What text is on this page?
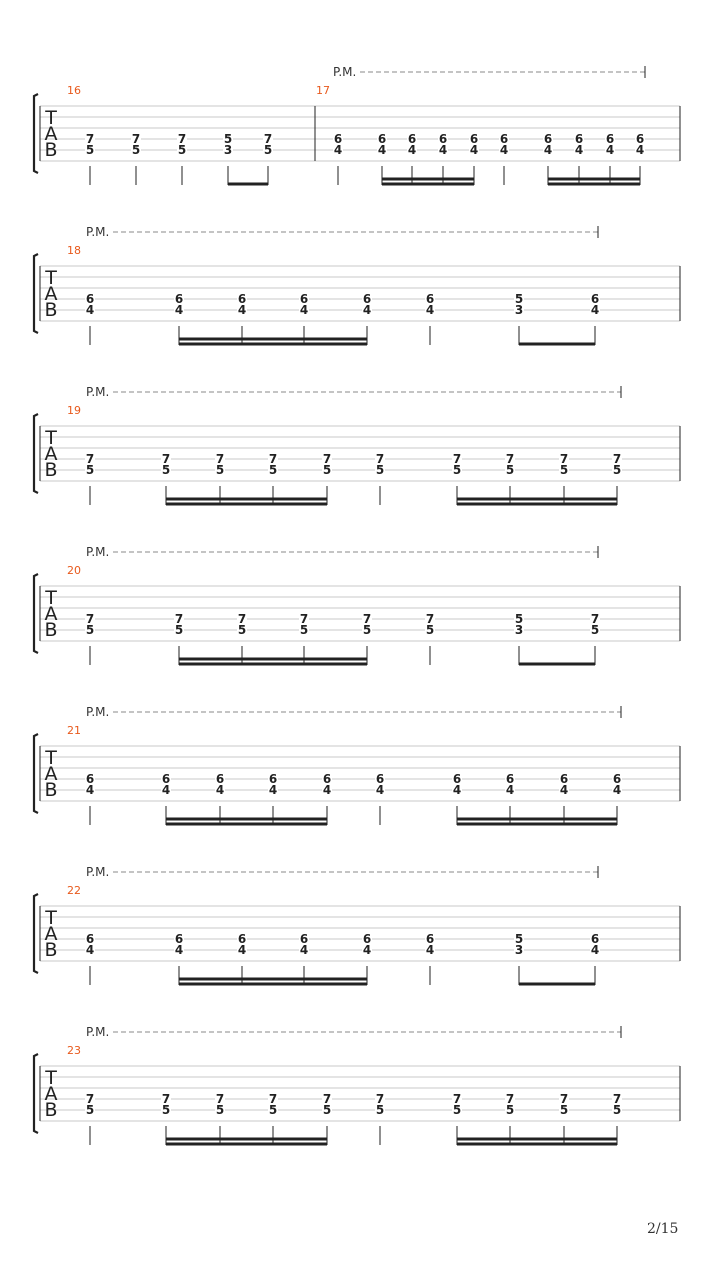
T
A
B
16
7
5
7
5
7
5
5
3
7
5
17
P.M.
6
4
6
4
6
4
6
4
6
4
6
4
6
4
6
4
6
4
6
4
T
A
B
18
P.M.
6
4
6
4
6
4
6
4
6
4
6
4
5
3
6
4
T
A
B
19
P.M.
7
5
7
5
7
5
7
5
7
5
7
5
7
5
7
5
7
5
7
5
T
A
B
20
P.M.
7
5
7
5
7
5
7
5
7
5
7
5
5
3
7
5
T
A
B
21
P.M.
6
4
6
4
6
4
6
4
6
4
6
4
6
4
6
4
6
4
6
4
T
A
B
22
P.M.
6
4
6
4
6
4
6
4
6
4
6
4
5
3
6
4
T
A
B
23
P.M.
7
5
7
5
7
5
7
5
7
5
7
5
7
5
7
5
7
5
7
5
2/15
